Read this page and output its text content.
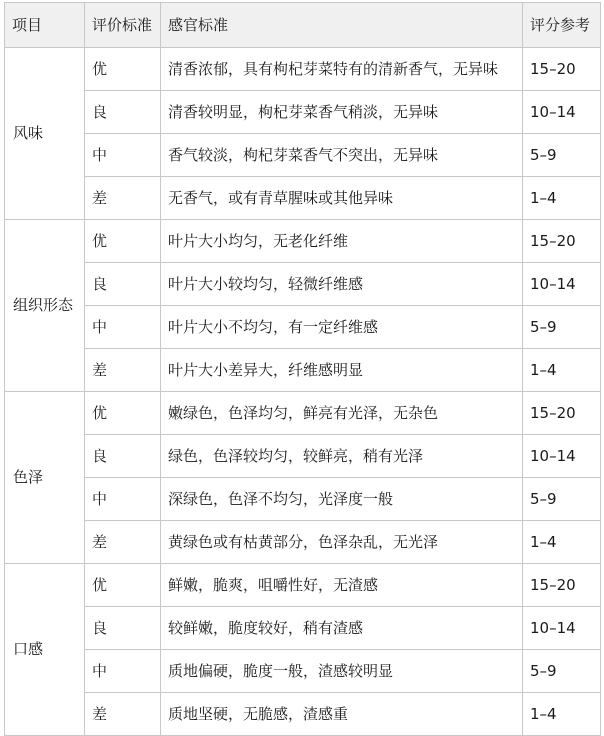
项目	评价标准	感官标准	评分参考
风味	优	清香浓郁，具有枸杞芽菜特有的清新香气，无异味	15–20
	良	清香较明显，枸杞芽菜香气稍淡，无异味	10–14
	中	香气较淡，枸杞芽菜香气不突出，无异味	5–9
	差	无香气，或有青草腥味或其他异味	1–4
组织形态	优	叶片大小均匀，无老化纤维	15–20
	良	叶片大小较均匀，轻微纤维感	10–14
	中	叶片大小不均匀，有一定纤维感	5–9
	差	叶片大小差异大，纤维感明显	1–4
色泽	优	嫩绿色，色泽均匀，鲜亮有光泽，无杂色	15–20
	良	绿色，色泽较均匀，较鲜亮，稍有光泽	10–14
	中	深绿色，色泽不均匀，光泽度一般	5–9
	差	黄绿色或有枯黄部分，色泽杂乱，无光泽	1–4
口感	优	鲜嫩，脆爽，咀嚼性好，无渣感	15–20
	良	较鲜嫩，脆度较好，稍有渣感	10–14
	中	质地偏硬，脆度一般，渣感较明显	5–9
	差	质地坚硬，无脆感，渣感重	1–4
